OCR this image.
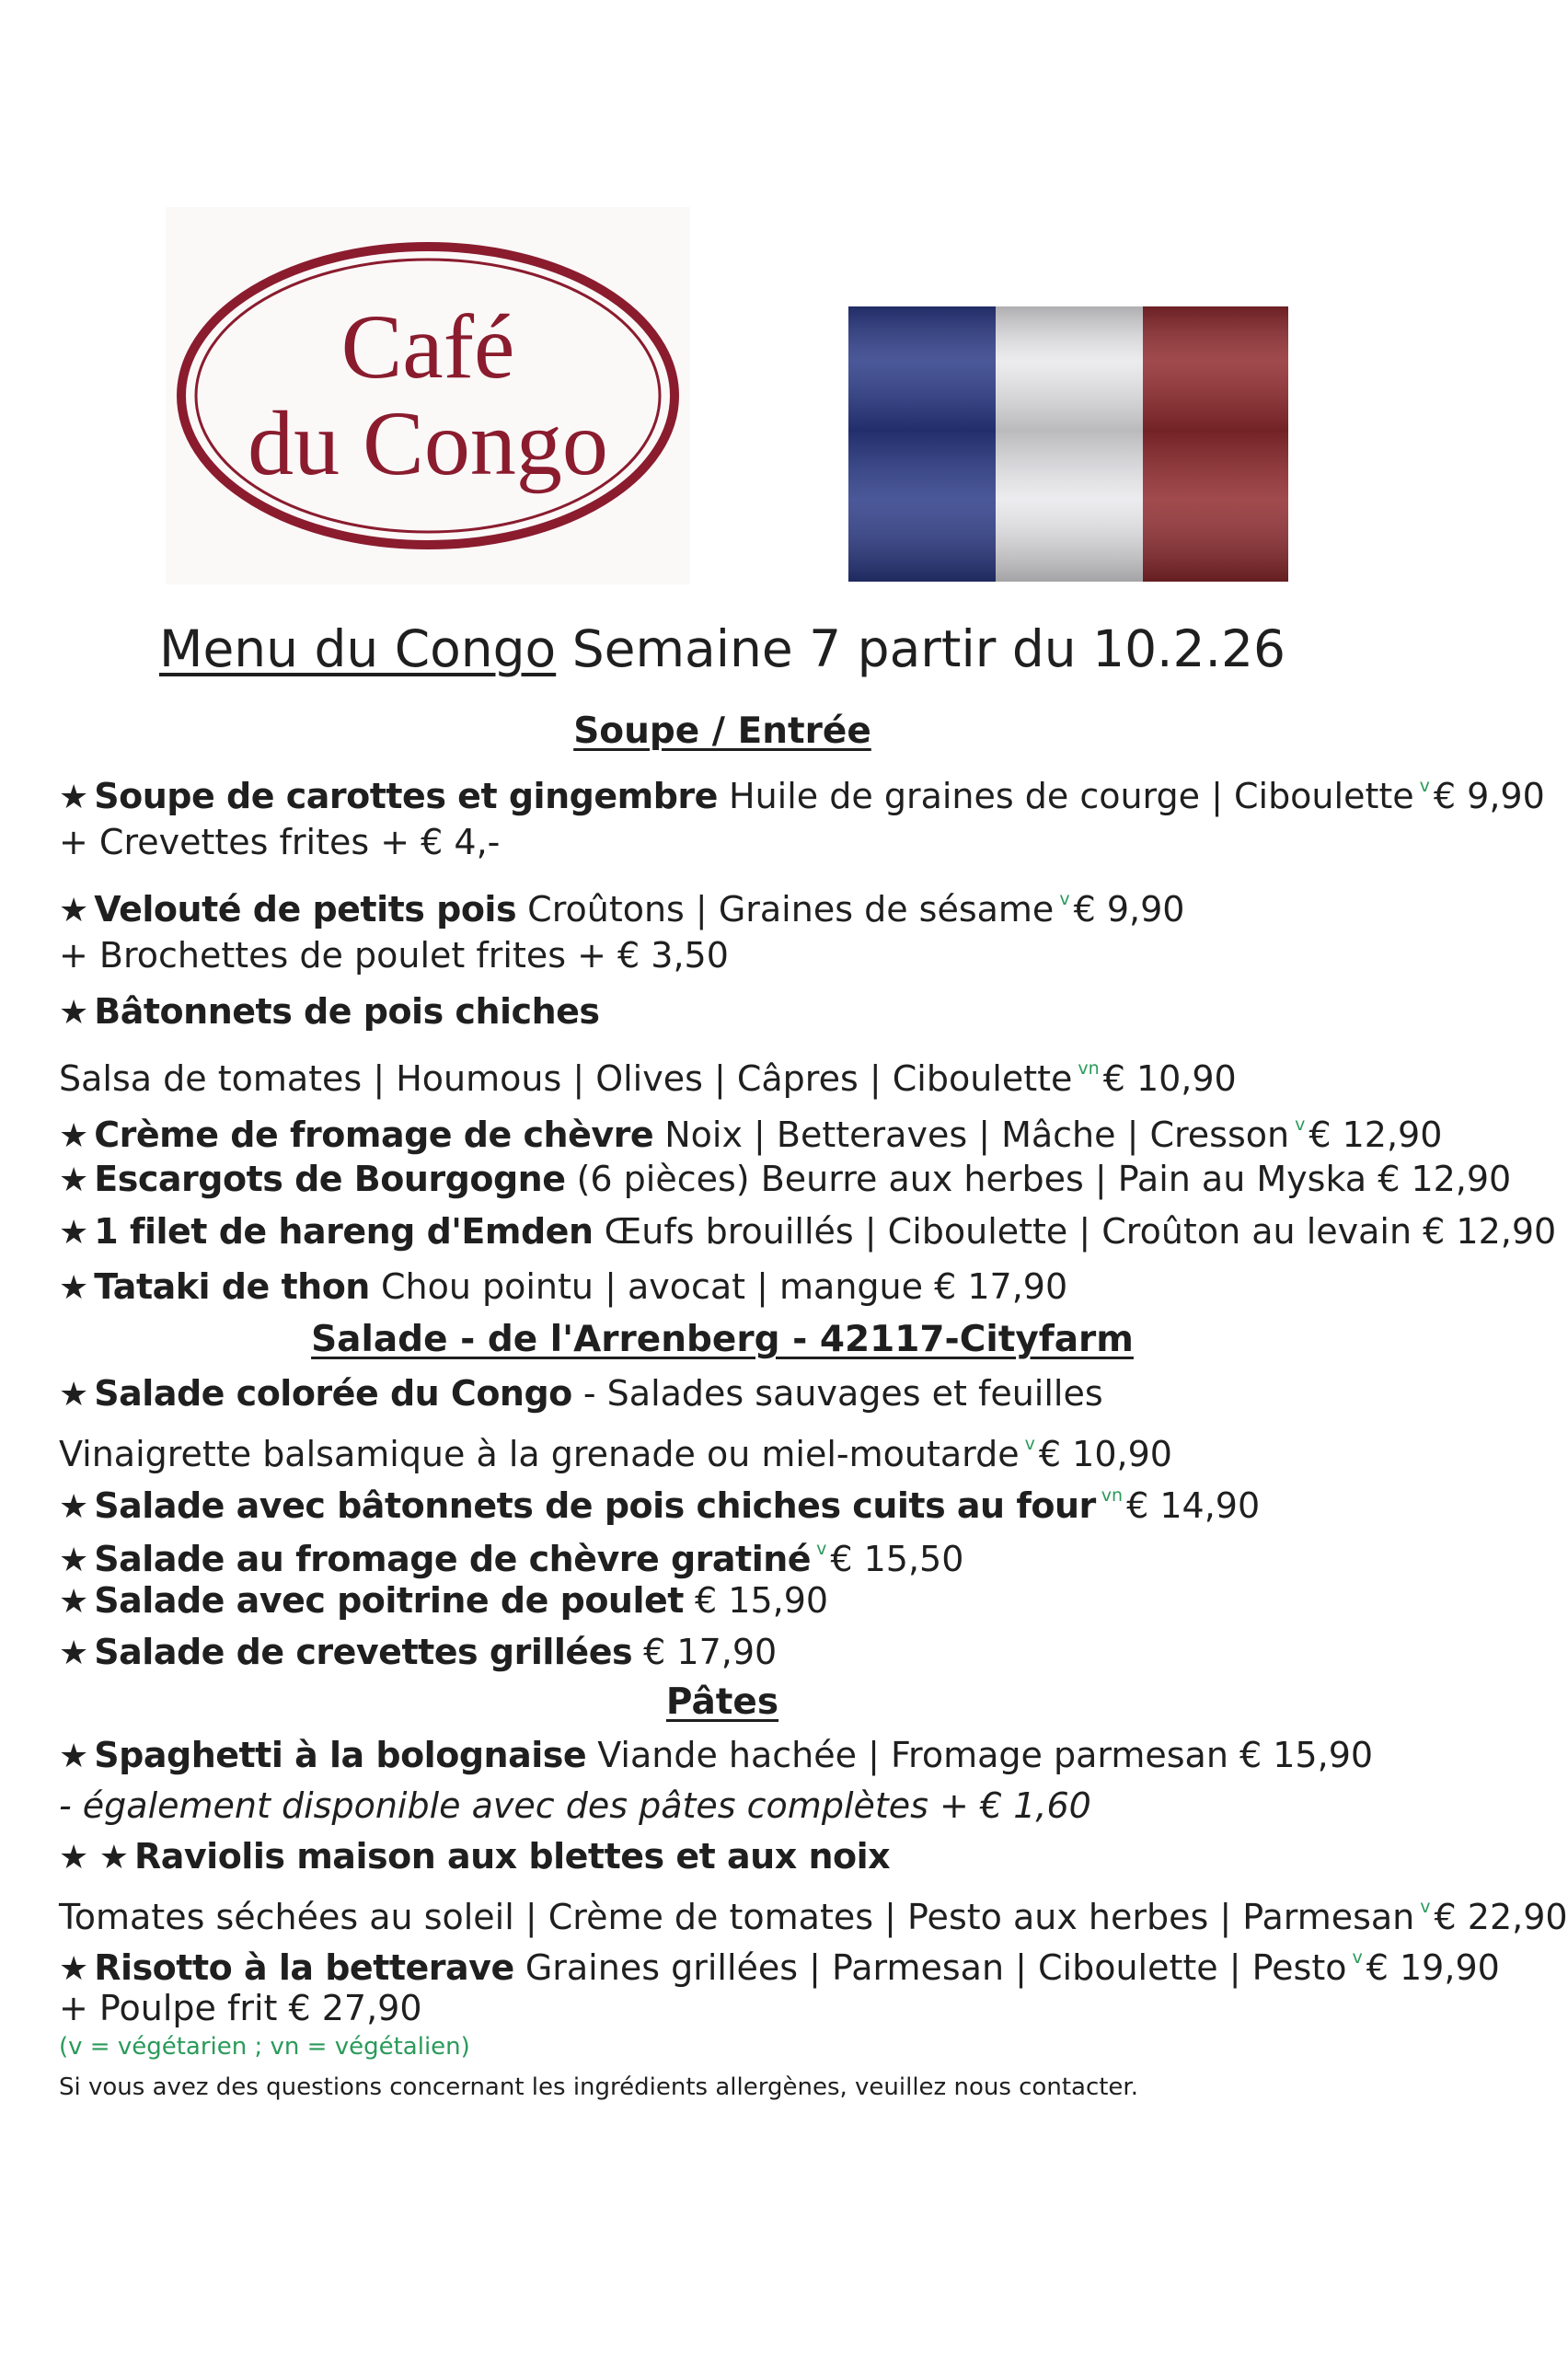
Café
du Congo
Menu du Congo Semaine 7 partir du 10.2.26
Soupe / Entrée
★ Soupe de carottes et gingembre Huile de graines de courge | Ciboulette $^v$ € 9,90
+ Crevettes frites + € 4,-
★ Velouté de petits pois Croûtons | Graines de sésame $^v$ € 9,90
+ Brochettes de poulet frites + € 3,50
★ Bâtonnets de pois chiches
Salsa de tomates | Houmous | Olives | Câpres | Ciboulette $^{vn}$ € 10,90
★ Crème de fromage de chèvre Noix | Betteraves | Mâche | Cresson $^v$ € 12,90
★ Escargots de Bourgogne (6 pièces) Beurre aux herbes | Pain au Myska € 12,90
★ 1 filet de hareng d'Emden Œufs brouillés | Ciboulette | Croûton au levain € 12,90
★ Tataki de thon Chou pointu | avocat | mangue € 17,90
Salade - de l'Arrenberg - 42117-Cityfarm
★ Salade colorée du Congo - Salades sauvages et feuilles
Vinaigrette balsamique à la grenade ou miel-moutarde $^v$ € 10,90
★ Salade avec bâtonnets de pois chiches cuits au four $^{vn}$ € 14,90
★ Salade au fromage de chèvre gratiné $^v$ € 15,50
★ Salade avec poitrine de poulet € 15,90
★ Salade de crevettes grillées € 17,90
Pâtes
★ Spaghetti à la bolognaise Viande hachée | Fromage parmesan € 15,90
- également disponible avec des pâtes complètes + € 1,60
★ ★ Raviolis maison aux blettes et aux noix
Tomates séchées au soleil | Crème de tomates | Pesto aux herbes | Parmesan $^v$ € 22,90
★ Risotto à la betterave Graines grillées | Parmesan | Ciboulette | Pesto $^v$ € 19,90
+ Poulpe frit € 27,90
(v = végétarien ; vn = végétalien)
Si vous avez des questions concernant les ingrédients allergènes, veuillez nous contacter.
